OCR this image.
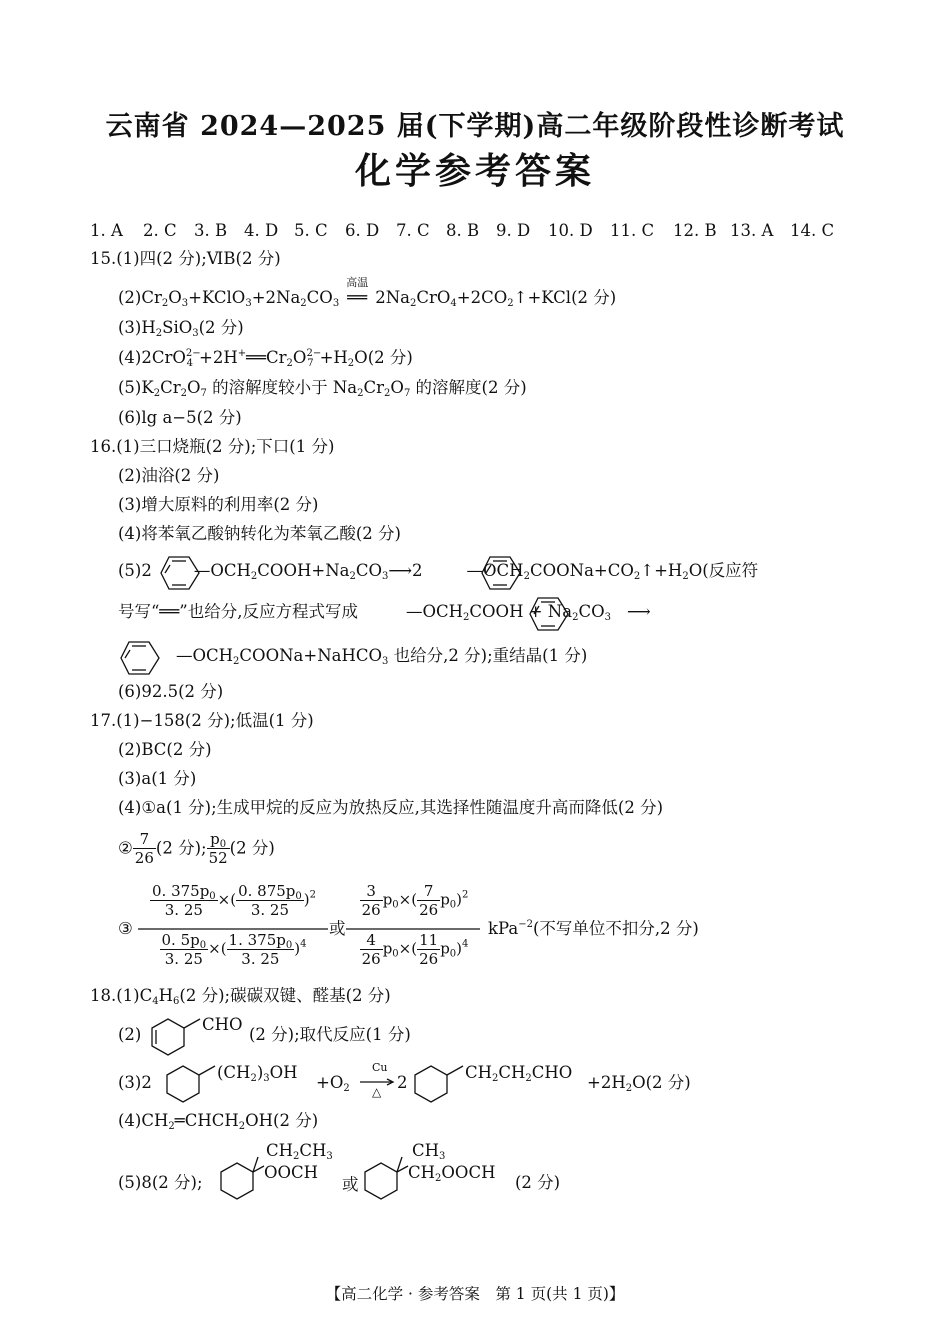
云南省 2024—2025 届(下学期)高二年级阶段性诊断考试
化学参考答案
1. A 2. C 3. B 4. D 5. C 6. D 7. C 8. B 9. D 10. D 11. C 12. B 13. A 14. C
15.(1)四(2 分);ⅥB(2 分)
$(2)Cr_2O_3+KClO_3+2Na_2CO_3$
高温
══ $2Na_2CrO_4+2CO_2↑+KCl(2$ 分)
$(3)H_2SiO_3(2$ 分)
$(4)2CrO^{2-}_4 +2H^+══Cr_2O^{2-}_7 +H_2O(2$ 分)
$(5)K_2Cr_2O_7$ 的溶解度较小于 $Na_2Cr_2O_7$ 的溶解度(2 分)
(6)lg a−5(2 分)
16.(1)三口烧瓶(2 分);下口(1 分)
(2)油浴(2 分)
(3)增大原料的利用率(2 分)
(4)将苯氧乙酸钠转化为苯氧乙酸(2 分)
(5)2	$—OCH_2COOH+Na_2CO_3⟶2$	$—OCH_2COONa+CO_2↑+H_2O$(反应符
号写“══”也给分,反应方程式写成	$—OCH_2COOH + Na_2CO_3$ ⟶
$—OCH_2COONa+NaHCO_3$ 也给分,2 分);重结晶(1 分)
(6)92.5(2 分)
17.(1)−158(2 分);低温(1 分)
(2)BC(2 分)
(3)a(1 分)
(4)①a(1 分);生成甲烷的反应为放热反应,其选择性随温度升高而降低(2 分)
② $\frac{7}{26} (2$ 分); $\frac{p_0}{52} (2$ 分)
③
$\frac{0. 375p_0}{3. 25}$ ×( $\frac{0. 875p_0}{3. 25} )^2$
$\frac{0. 5p_0}{3. 25}$ ×( $\frac{1. 375p_0}{3. 25} )^4$
或
$\frac{3}{26} p_0\times( \frac{7}{26} p_0)^2$
$\frac{4}{26} p_0\times( \frac{11}{26} p_0)^4$
kPa$^{-2}$(不写单位不扣分,2 分)
$18.(1)C_4H_6(2$ 分);碳碳双键、醛基(2 分)
(2)
CHO
(2 分);取代反应(1 分)
(3)2
$(CH_2)_3OH$
$+O_2$
Cu
△ 2
$CH_2CH_2CHO$
$+2H_2O(2$ 分)
$(4)CH_2═CHCH_2OH(2$ 分)
(5)8(2 分);
$CH_2CH_3$
OOCH
或
$CH_3$
$CH_2OOCH$
(2 分)
【高二化学 · 参考答案　第 1 页(共 1 页)】
